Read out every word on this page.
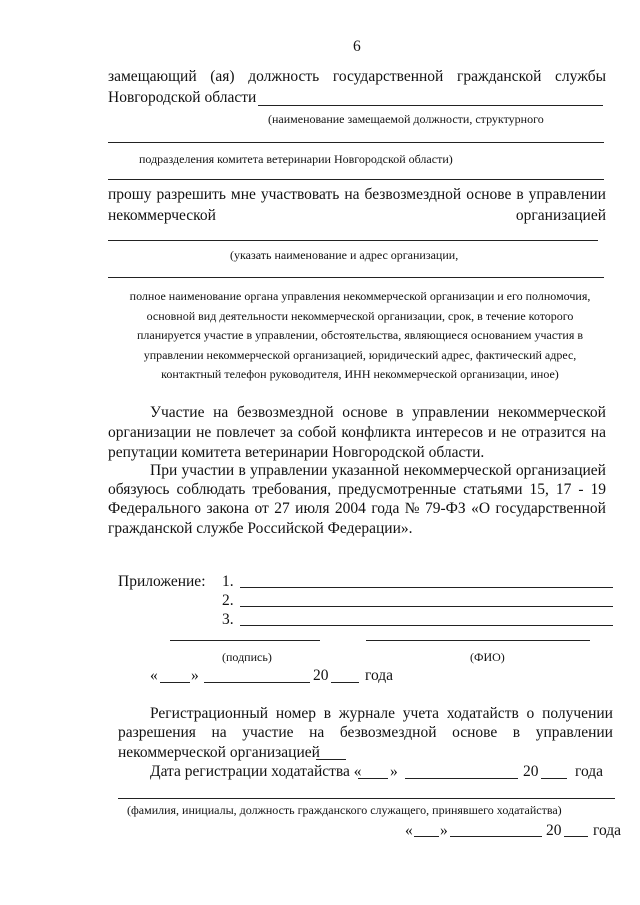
6
замещающий (ая) должность государственной гражданской службы
Новгородской области
(наименование замещаемой должности, структурного
подразделения комитета ветеринарии Новгородской области)
прошу разрешить мне участвовать на безвозмездной основе в управлении
некоммерческой	организацией
(указать наименование и адрес организации,
полное наименование органа управления некоммерческой организации и его полномочия,
основной вид деятельности некоммерческой организации, срок, в течение которого
планируется участие в управлении, обстоятельства, являющиеся основанием участия в
управлении некоммерческой организацией, юридический адрес, фактический адрес,
контактный телефон руководителя, ИНН некоммерческой организации, иное)
Участие на безвозмездной основе в управлении некоммерческой
организации не повлечет за собой конфликта интересов и не отразится на
репутации комитета ветеринарии Новгородской области.
При участии в управлении указанной некоммерческой организацией
обязуюсь соблюдать требования, предусмотренные статьями 15, 17 - 19
Федерального закона от 27 июля 2004 года № 79-ФЗ «О государственной
гражданской службе Российской Федерации».
Приложение: 1.
2.
3.
(подпись)	(ФИО)
« »	20 года
Регистрационный номер в журнале учета ходатайств о получении
разрешения на участие на безвозмездной основе в управлении
некоммерческой организацией
Дата регистрации ходатайства « »	20 года
(фамилия, инициалы, должность гражданского служащего, принявшего ходатайства)
« »	20 года
